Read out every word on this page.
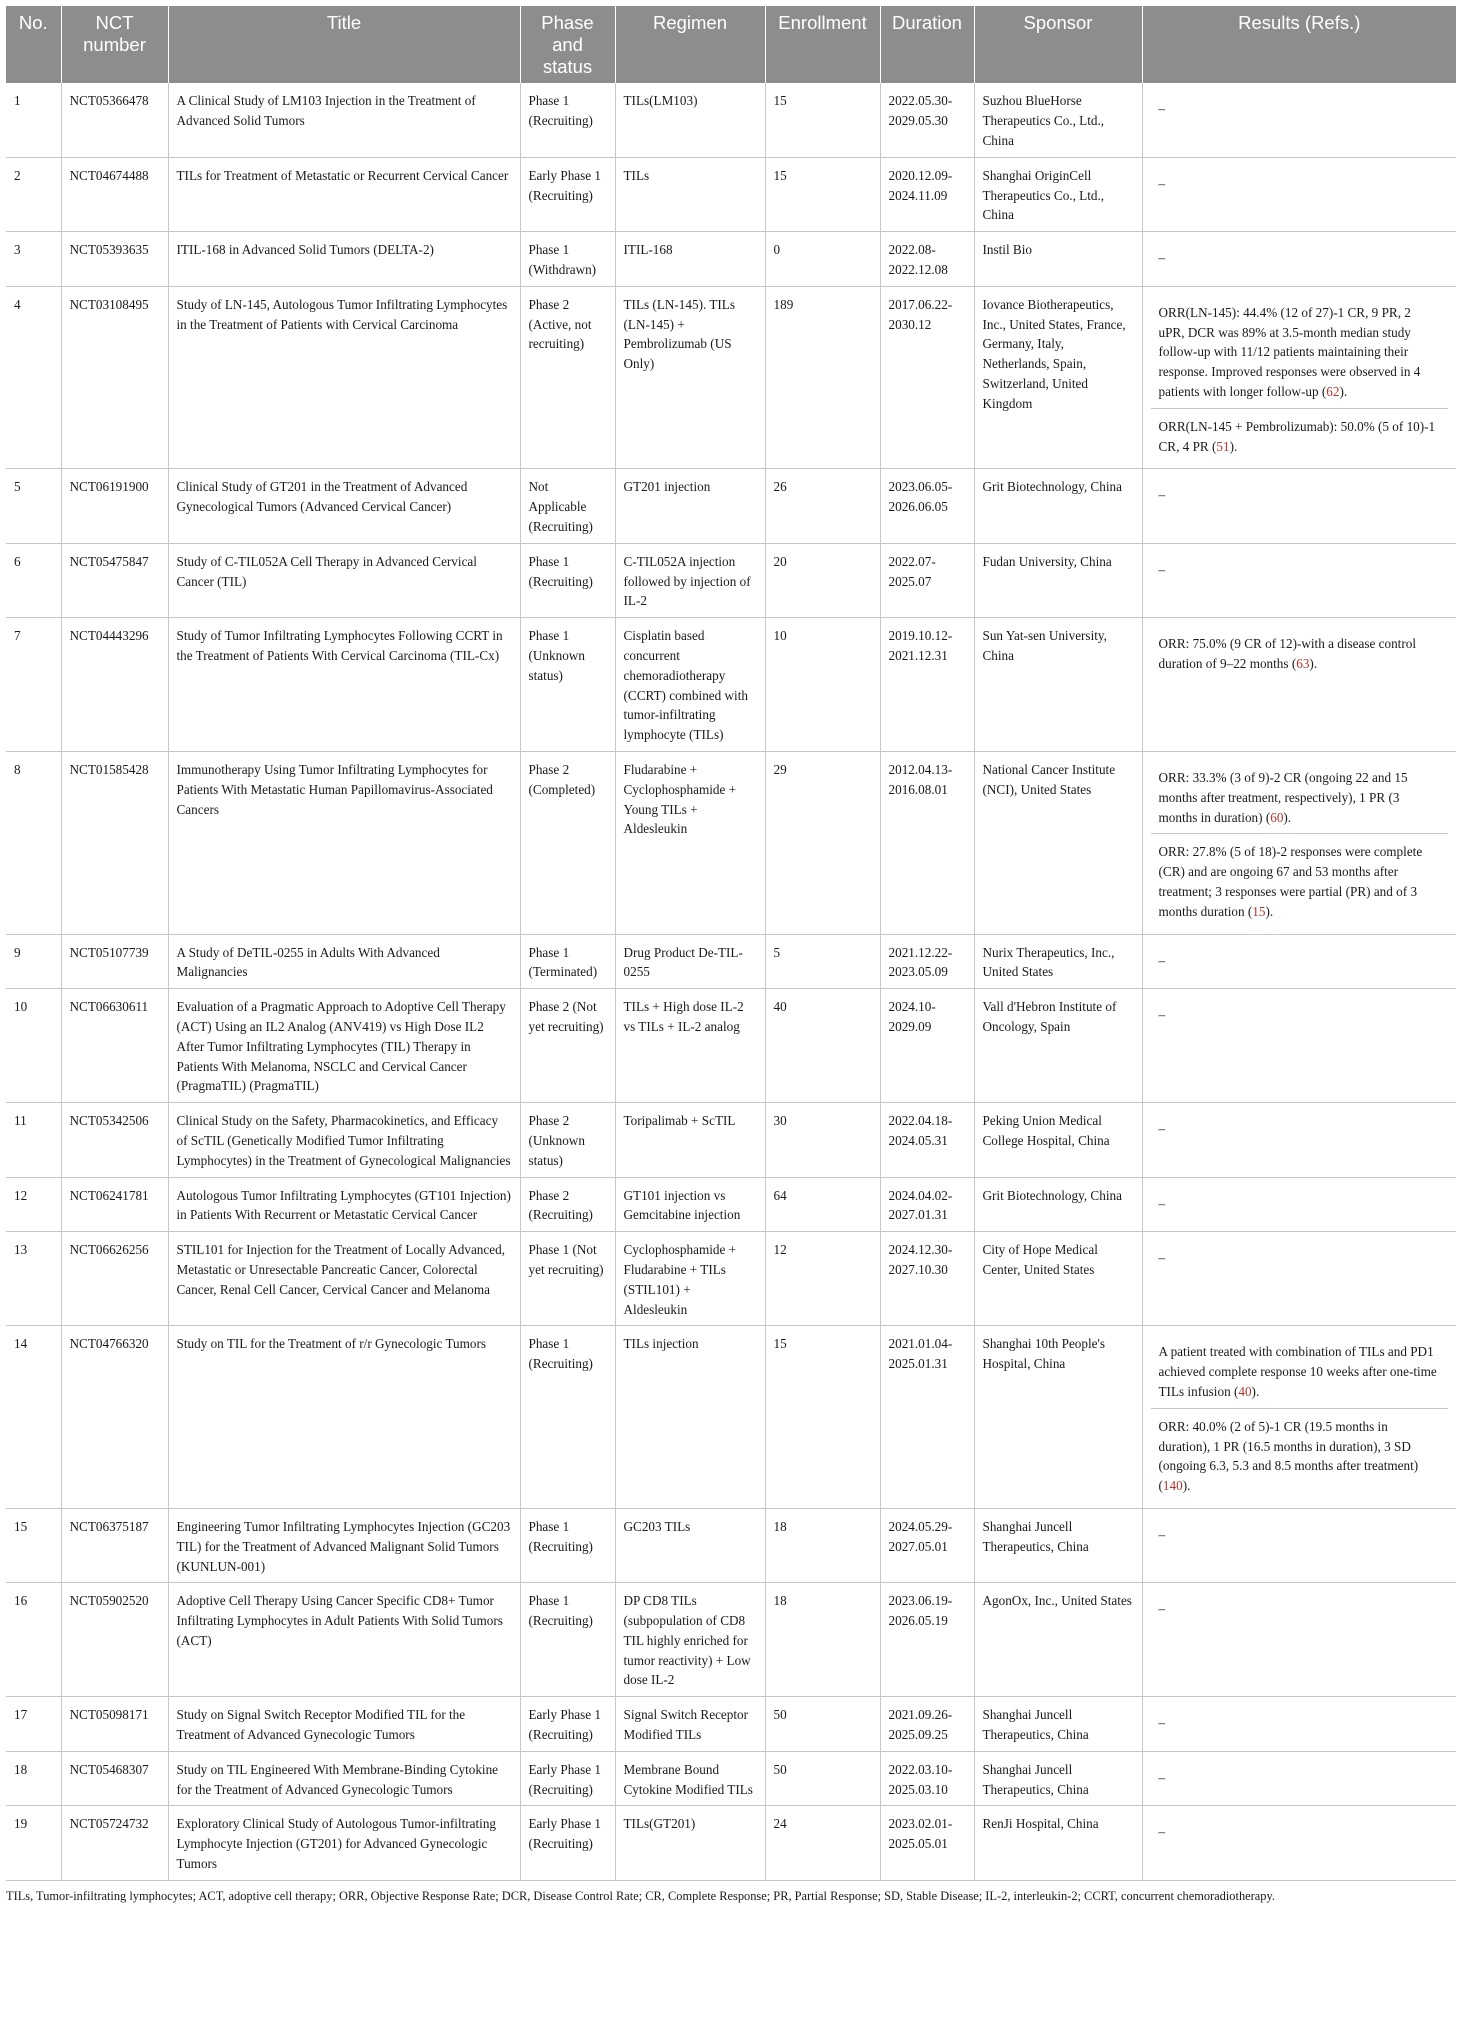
No.	NCT number	Title	Phase and status	Regimen	Enrollment	Duration	Sponsor	Results (Refs.)
1	NCT05366478	A Clinical Study of LM103 Injection in the Treatment of Advanced Solid Tumors	Phase 1 (Recruiting)	TILs(LM103)	15	2022.05.30-2029.05.30	Suzhou BlueHorse Therapeutics Co., Ltd., China	–

2	NCT04674488	TILs for Treatment of Metastatic or Recurrent Cervical Cancer	Early Phase 1 (Recruiting)	TILs	15	2020.12.09-2024.11.09	Shanghai OriginCell Therapeutics Co., Ltd., China	–

3	NCT05393635	ITIL-168 in Advanced Solid Tumors (DELTA-2)	Phase 1 (Withdrawn)	ITIL-168	0	2022.08-2022.12.08	Instil Bio	–

4	NCT03108495	Study of LN-145, Autologous Tumor Infiltrating Lymphocytes in the Treatment of Patients with Cervical Carcinoma	Phase 2 (Active, not recruiting)	TILs (LN-145). TILs (LN-145) + Pembrolizumab (US Only)	189	2017.06.22-2030.12	Iovance Biotherapeutics, Inc., United States, France, Germany, Italy, Netherlands, Spain, Switzerland, United Kingdom	ORR(LN-145): 44.4% (12 of 27)-1 CR, 9 PR, 2 uPR, DCR was 89% at 3.5-month median study follow-up with 11/12 patients maintaining their response. Improved responses were observed in 4 patients with longer follow-up (62).
ORR(LN-145 + Pembrolizumab): 50.0% (5 of 10)-1 CR, 4 PR (51).

5	NCT06191900	Clinical Study of GT201 in the Treatment of Advanced Gynecological Tumors (Advanced Cervical Cancer)	Not Applicable (Recruiting)	GT201 injection	26	2023.06.05-2026.06.05	Grit Biotechnology, China	–

6	NCT05475847	Study of C-TIL052A Cell Therapy in Advanced Cervical Cancer (TIL)	Phase 1 (Recruiting)	C-TIL052A injection followed by injection of IL-2	20	2022.07-2025.07	Fudan University, China	–

7	NCT04443296	Study of Tumor Infiltrating Lymphocytes Following CCRT in the Treatment of Patients With Cervical Carcinoma (TIL-Cx)	Phase 1 (Unknown status)	Cisplatin based concurrent chemoradiotherapy (CCRT) combined with tumor-infiltrating lymphocyte (TILs)	10	2019.10.12-2021.12.31	Sun Yat-sen University, China	ORR: 75.0% (9 CR of 12)-with a disease control duration of 9–22 months (63).

8	NCT01585428	Immunotherapy Using Tumor Infiltrating Lymphocytes for Patients With Metastatic Human Papillomavirus-Associated Cancers	Phase 2 (Completed)	Fludarabine + Cyclophosphamide + Young TILs + Aldesleukin	29	2012.04.13-2016.08.01	National Cancer Institute (NCI), United States	ORR: 33.3% (3 of 9)-2 CR (ongoing 22 and 15 months after treatment, respectively), 1 PR (3 months in duration) (60).
ORR: 27.8% (5 of 18)-2 responses were complete (CR) and are ongoing 67 and 53 months after treatment; 3 responses were partial (PR) and of 3 months duration (15).

9	NCT05107739	A Study of DeTIL-0255 in Adults With Advanced Malignancies	Phase 1 (Terminated)	Drug Product De-TIL-0255	5	2021.12.22-2023.05.09	Nurix Therapeutics, Inc., United States	–

10	NCT06630611	Evaluation of a Pragmatic Approach to Adoptive Cell Therapy (ACT) Using an IL2 Analog (ANV419) vs High Dose IL2 After Tumor Infiltrating Lymphocytes (TIL) Therapy in Patients With Melanoma, NSCLC and Cervical Cancer (PragmaTIL) (PragmaTIL)	Phase 2 (Not yet recruiting)	TILs + High dose IL-2 vs TILs + IL-2 analog	40	2024.10-2029.09	Vall d'Hebron Institute of Oncology, Spain	–

11	NCT05342506	Clinical Study on the Safety, Pharmacokinetics, and Efficacy of ScTIL (Genetically Modified Tumor Infiltrating Lymphocytes) in the Treatment of Gynecological Malignancies	Phase 2 (Unknown status)	Toripalimab + ScTIL	30	2022.04.18-2024.05.31	Peking Union Medical College Hospital, China	–

12	NCT06241781	Autologous Tumor Infiltrating Lymphocytes (GT101 Injection) in Patients With Recurrent or Metastatic Cervical Cancer	Phase 2 (Recruiting)	GT101 injection vs Gemcitabine injection	64	2024.04.02-2027.01.31	Grit Biotechnology, China	–

13	NCT06626256	STIL101 for Injection for the Treatment of Locally Advanced, Metastatic or Unresectable Pancreatic Cancer, Colorectal Cancer, Renal Cell Cancer, Cervical Cancer and Melanoma	Phase 1 (Not yet recruiting)	Cyclophosphamide + Fludarabine + TILs (STIL101) + Aldesleukin	12	2024.12.30-2027.10.30	City of Hope Medical Center, United States	–

14	NCT04766320	Study on TIL for the Treatment of r/r Gynecologic Tumors	Phase 1 (Recruiting)	TILs injection	15	2021.01.04-2025.01.31	Shanghai 10th People's Hospital, China	A patient treated with combination of TILs and PD1 achieved complete response 10 weeks after one-time TILs infusion (40).
ORR: 40.0% (2 of 5)-1 CR (19.5 months in duration), 1 PR (16.5 months in duration), 3 SD (ongoing 6.3, 5.3 and 8.5 months after treatment) (140).

15	NCT06375187	Engineering Tumor Infiltrating Lymphocytes Injection (GC203 TIL) for the Treatment of Advanced Malignant Solid Tumors (KUNLUN-001)	Phase 1 (Recruiting)	GC203 TILs	18	2024.05.29-2027.05.01	Shanghai Juncell Therapeutics, China	–

16	NCT05902520	Adoptive Cell Therapy Using Cancer Specific CD8+ Tumor Infiltrating Lymphocytes in Adult Patients With Solid Tumors (ACT)	Phase 1 (Recruiting)	DP CD8 TILs (subpopulation of CD8 TIL highly enriched for tumor reactivity) + Low dose IL-2	18	2023.06.19-2026.05.19	AgonOx, Inc., United States	–

17	NCT05098171	Study on Signal Switch Receptor Modified TIL for the Treatment of Advanced Gynecologic Tumors	Early Phase 1 (Recruiting)	Signal Switch Receptor Modified TILs	50	2021.09.26-2025.09.25	Shanghai Juncell Therapeutics, China	–

18	NCT05468307	Study on TIL Engineered With Membrane-Binding Cytokine for the Treatment of Advanced Gynecologic Tumors	Early Phase 1 (Recruiting)	Membrane Bound Cytokine Modified TILs	50	2022.03.10-2025.03.10	Shanghai Juncell Therapeutics, China	–

19	NCT05724732	Exploratory Clinical Study of Autologous Tumor-infiltrating Lymphocyte Injection (GT201) for Advanced Gynecologic Tumors	Early Phase 1 (Recruiting)	TILs(GT201)	24	2023.02.01-2025.05.01	RenJi Hospital, China	–
TILs, Tumor-infiltrating lymphocytes; ACT, adoptive cell therapy; ORR, Objective Response Rate; DCR, Disease Control Rate; CR, Complete Response; PR, Partial Response; SD, Stable Disease; IL-2, interleukin-2; CCRT, concurrent chemoradiotherapy.
